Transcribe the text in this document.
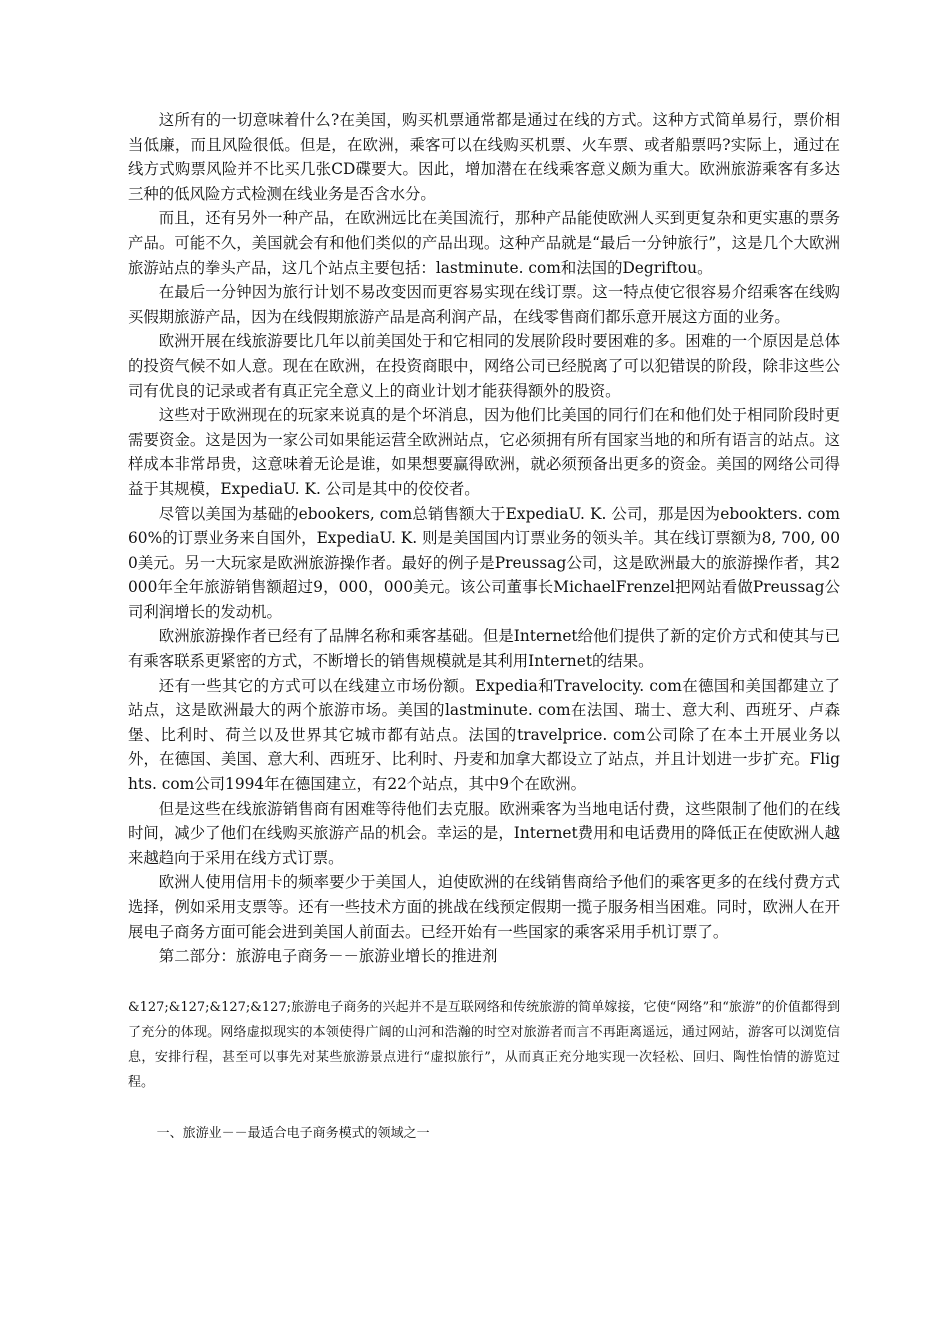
这所有的一切意味着什么?在美国，购买机票通常都是通过在线的方式。这种方式简单易行，票价相当低廉，而且风险很低。但是，在欧洲，乘客可以在线购买机票、火车票、或者船票吗?实际上，通过在线方式购票风险并不比买几张CD碟要大。因此，增加潜在在线乘客意义颇为重大。欧洲旅游乘客有多达三种的低风险方式检测在线业务是否含水分。

而且，还有另外一种产品，在欧洲远比在美国流行，那种产品能使欧洲人买到更复杂和更实惠的票务产品。可能不久，美国就会有和他们类似的产品出现。这种产品就是“最后一分钟旅行”，这是几个大欧洲旅游站点的拳头产品，这几个站点主要包括：lastminute. com和法国的Degriftou。

在最后一分钟因为旅行计划不易改变因而更容易实现在线订票。这一特点使它很容易介绍乘客在线购买假期旅游产品，因为在线假期旅游产品是高利润产品，在线零售商们都乐意开展这方面的业务。

欧洲开展在线旅游要比几年以前美国处于和它相同的发展阶段时要困难的多。困难的一个原因是总体的投资气候不如人意。现在在欧洲，在投资商眼中，网络公司已经脱离了可以犯错误的阶段，除非这些公司有优良的记录或者有真正完全意义上的商业计划才能获得额外的股资。

这些对于欧洲现在的玩家来说真的是个坏消息，因为他们比美国的同行们在和他们处于相同阶段时更需要资金。这是因为一家公司如果能运营全欧洲站点，它必须拥有所有国家当地的和所有语言的站点。这样成本非常昂贵，这意味着无论是谁，如果想要赢得欧洲，就必须预备出更多的资金。美国的网络公司得益于其规模，ExpediaU. K. 公司是其中的佼佼者。

尽管以美国为基础的ebookers, com总销售额大于ExpediaU. K. 公司，那是因为ebookters. com 60%的订票业务来自国外，ExpediaU. K. 则是美国国内订票业务的领头羊。其在线订票额为8, 700, 000美元。另一大玩家是欧洲旅游操作者。最好的例子是Preussag公司，这是欧洲最大的旅游操作者，其2000年全年旅游销售额超过9，000，000美元。该公司董事长MichaelFrenzel把网站看做Preussag公司利润增长的发动机。

欧洲旅游操作者已经有了品牌名称和乘客基础。但是Internet给他们提供了新的定价方式和使其与已有乘客联系更紧密的方式，不断增长的销售规模就是其利用Internet的结果。

还有一些其它的方式可以在线建立市场份额。Expedia和Travelocity. com在德国和美国都建立了站点，这是欧洲最大的两个旅游市场。美国的lastminute. com在法国、瑞士、意大利、西班牙、卢森堡、比利时、荷兰以及世界其它城市都有站点。法国的travelprice. com公司除了在本土开展业务以外，在德国、美国、意大利、西班牙、比利时、丹麦和加拿大都设立了站点，并且计划进一步扩充。Flights. com公司1994年在德国建立，有22个站点，其中9个在欧洲。

但是这些在线旅游销售商有困难等待他们去克服。欧洲乘客为当地电话付费，这些限制了他们的在线时间，减少了他们在线购买旅游产品的机会。幸运的是，Internet费用和电话费用的降低正在使欧洲人越来越趋向于采用在线方式订票。

欧洲人使用信用卡的频率要少于美国人，迫使欧洲的在线销售商给予他们的乘客更多的在线付费方式选择，例如采用支票等。还有一些技术方面的挑战在线预定假期一揽子服务相当困难。同时，欧洲人在开展电子商务方面可能会进到美国人前面去。已经开始有一些国家的乘客采用手机订票了。

第二部分：旅游电子商务－－旅游业增长的推进剂

&127;&127;&127;&127;旅游电子商务的兴起并不是互联网络和传统旅游的简单嫁接，它使“网络”和“旅游”的价值都得到了充分的体现。网络虚拟现实的本领使得广阔的山河和浩瀚的时空对旅游者而言不再距离遥远，通过网站，游客可以浏览信息，安排行程，甚至可以事先对某些旅游景点进行“虚拟旅行”，从而真正充分地实现一次轻松、回归、陶性怡情的游览过程。

一、旅游业－－最适合电子商务模式的领域之一
